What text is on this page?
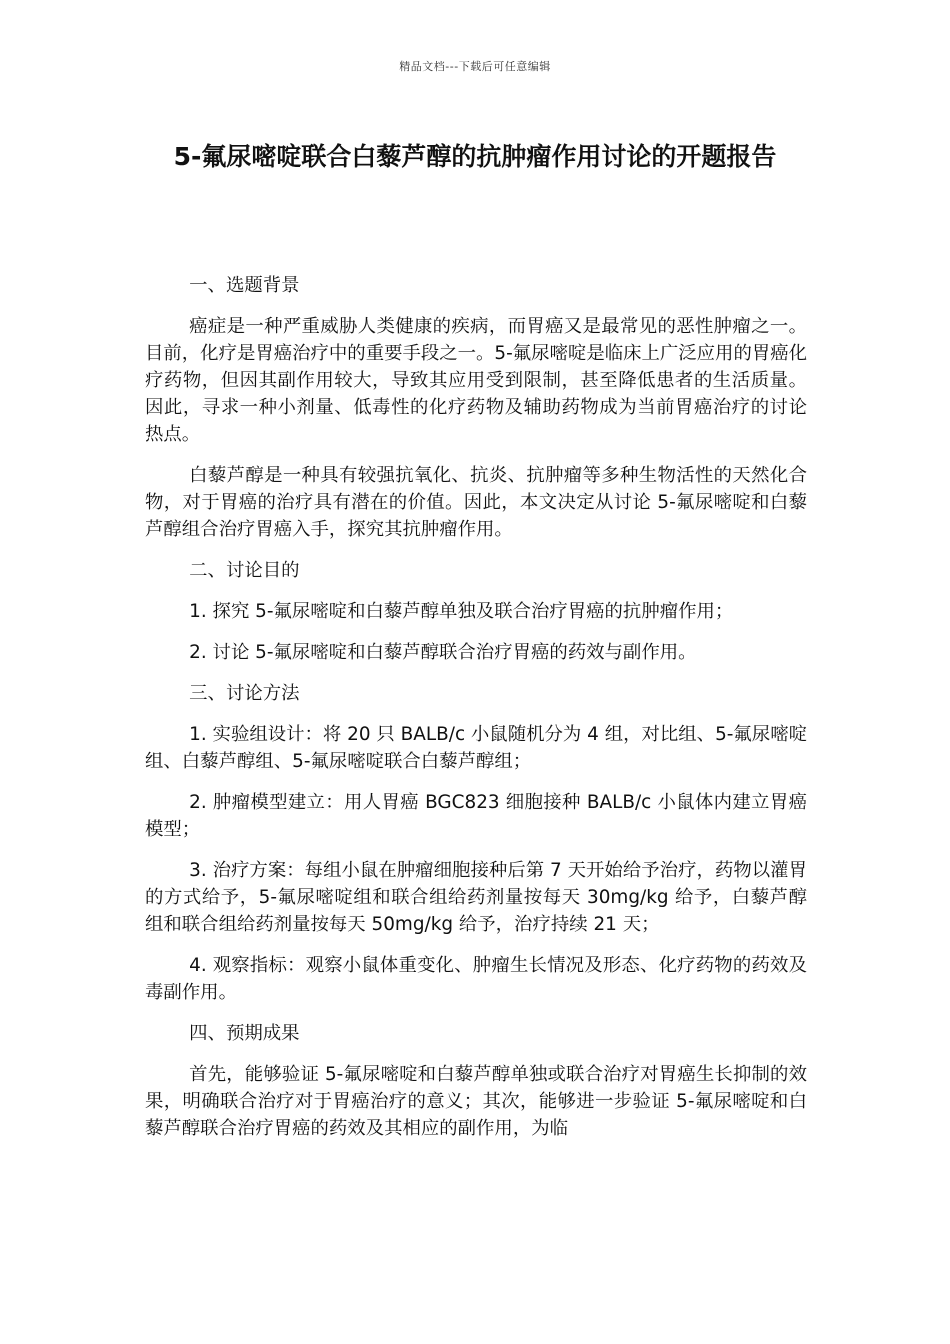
精品文档---下载后可任意编辑
5-氟尿嘧啶联合白藜芦醇的抗肿瘤作用讨论的开题报告

一、选题背景

癌症是一种严重威胁人类健康的疾病，而胃癌又是最常见的恶性肿瘤之一。目前，化疗是胃癌治疗中的重要手段之一。5-氟尿嘧啶是临床上广泛应用的胃癌化疗药物，但因其副作用较大，导致其应用受到限制，甚至降低患者的生活质量。因此，寻求一种小剂量、低毒性的化疗药物及辅助药物成为当前胃癌治疗的讨论热点。

白藜芦醇是一种具有较强抗氧化、抗炎、抗肿瘤等多种生物活性的天然化合物，对于胃癌的治疗具有潜在的价值。因此，本文决定从讨论 5-氟尿嘧啶和白藜芦醇组合治疗胃癌入手，探究其抗肿瘤作用。

二、讨论目的

1. 探究 5-氟尿嘧啶和白藜芦醇单独及联合治疗胃癌的抗肿瘤作用；

2. 讨论 5-氟尿嘧啶和白藜芦醇联合治疗胃癌的药效与副作用。

三、讨论方法

1. 实验组设计：将 20 只 BALB/c 小鼠随机分为 4 组，对比组、5-氟尿嘧啶组、白藜芦醇组、5-氟尿嘧啶联合白藜芦醇组；

2. 肿瘤模型建立：用人胃癌 BGC823 细胞接种 BALB/c 小鼠体内建立胃癌模型；

3. 治疗方案：每组小鼠在肿瘤细胞接种后第 7 天开始给予治疗，药物以灌胃的方式给予，5-氟尿嘧啶组和联合组给药剂量按每天 30mg/kg 给予，白藜芦醇组和联合组给药剂量按每天 50mg/kg 给予，治疗持续 21 天；

4. 观察指标：观察小鼠体重变化、肿瘤生长情况及形态、化疗药物的药效及毒副作用。

四、预期成果

首先，能够验证 5-氟尿嘧啶和白藜芦醇单独或联合治疗对胃癌生长抑制的效果，明确联合治疗对于胃癌治疗的意义；其次，能够进一步验证 5-氟尿嘧啶和白藜芦醇联合治疗胃癌的药效及其相应的副作用，为临
